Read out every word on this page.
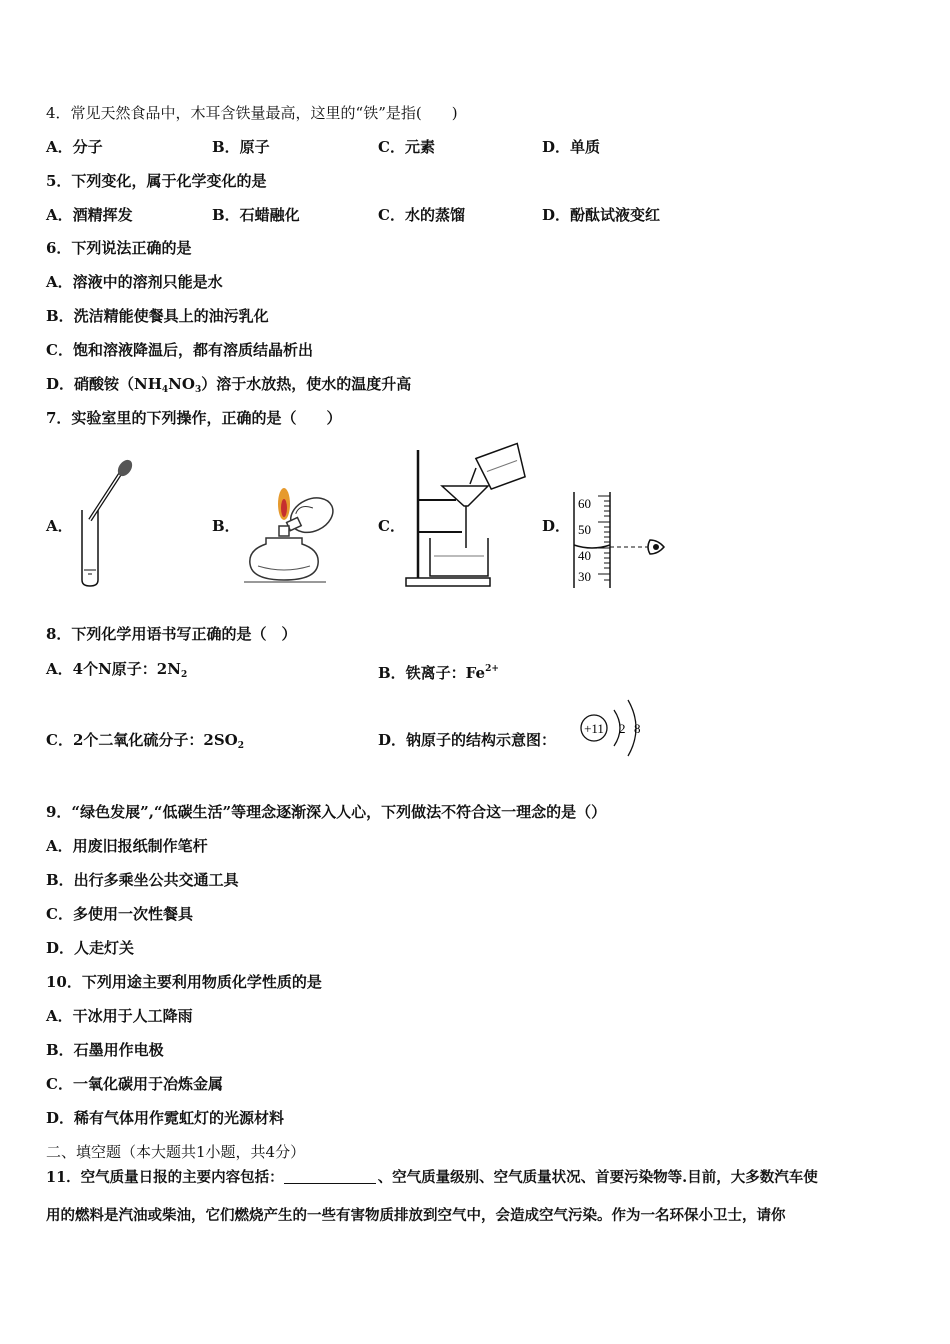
4．常见天然食品中，木耳含铁量最高，这里的“铁”是指(　　)
A．分子	B．原子	C．元素	D．单质
5．下列变化，属于化学变化的是
A．酒精挥发	B．石蜡融化	C．水的蒸馏	D．酚酞试液变红
6．下列说法正确的是
A．溶液中的溶剂只能是水
B．洗洁精能使餐具上的油污乳化
C．饱和溶液降温后，都有溶质结晶析出
D．硝酸铵$(NH_4NO_3)$溶于水放热，使水的温度升高
7．实验室里的下列操作，正确的是（　　）
A．	B．	C．	D．
60
50
40
30
8．下列化学用语书写正确的是（　）
A．4个N原子：$2N_2$	B．铁离子：$Fe^{2+}$
C．2个二氧化硫分子：$2SO_2$	D．钠原子的结构示意图：
+11 2 8
9．“绿色发展”,“低碳生活”等理念逐渐深入人心，下列做法不符合这一理念的是（）
A．用废旧报纸制作笔杆
B．出行多乘坐公共交通工具
C．多使用一次性餐具
D．人走灯关
10．下列用途主要利用物质化学性质的是
A．干冰用于人工降雨
B．石墨用作电极
C．一氧化碳用于冶炼金属
D．稀有气体用作霓虹灯的光源材料
二、填空题（本大题共1小题，共4分）
11．空气质量日报的主要内容包括：	、空气质量级别、空气质量状况、首要污染物等.目前，大多数汽车使
用的燃料是汽油或柴油，它们燃烧产生的一些有害物质排放到空气中，会造成空气污染。作为一名环保小卫士，请你
